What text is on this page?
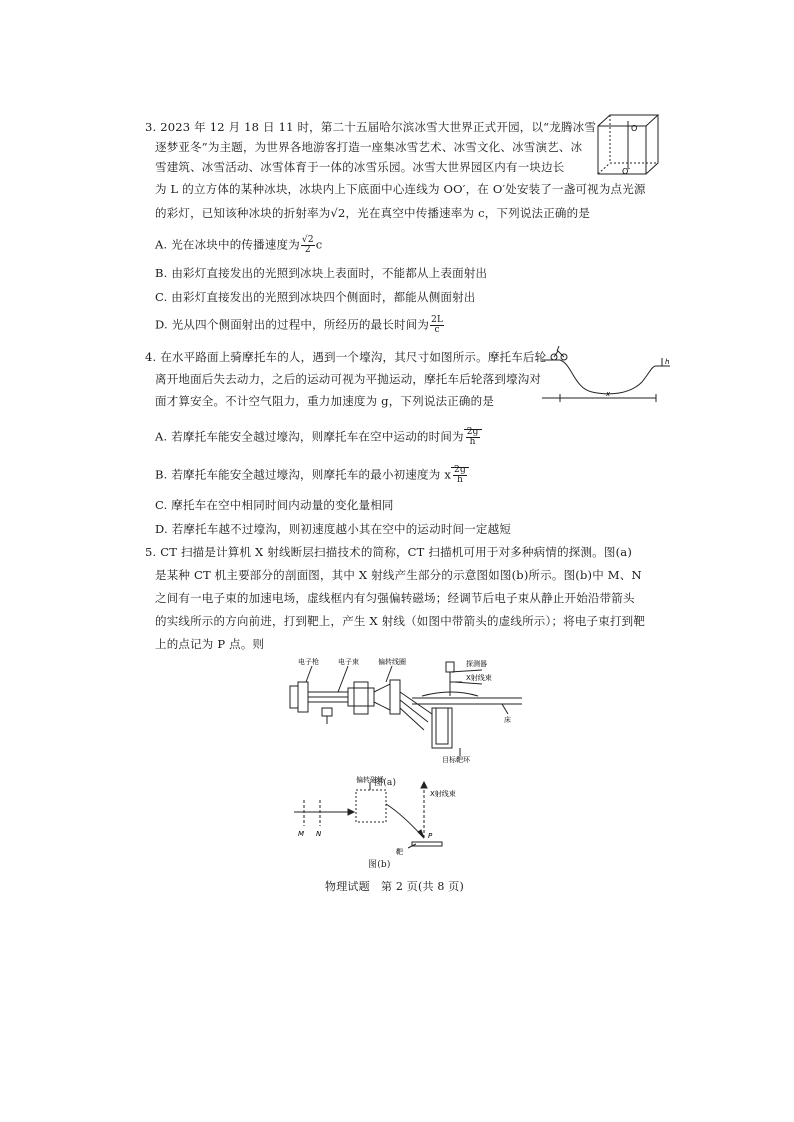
3. 2023 年 12 月 18 日 11 时，第二十五届哈尔滨冰雪大世界正式开园，以“龙腾冰雪
逐梦亚冬”为主题，为世界各地游客打造一座集冰雪艺术、冰雪文化、冰雪演艺、冰
雪建筑、冰雪活动、冰雪体育于一体的冰雪乐园。冰雪大世界园区内有一块边长
为 L 的立方体的某种冰块，冰块内上下底面中心连线为 OO′，在 O′处安装了一盏可视为点光源
的彩灯，已知该种冰块的折射率为√2，光在真空中传播速率为 c，下列说法正确的是
A. 光在冰块中的传播速度为 $\frac{√2}{2}$ c
B. 由彩灯直接发出的光照到冰块上表面时，不能都从上表面射出
C. 由彩灯直接发出的光照到冰块四个侧面时，都能从侧面射出
D. 光从四个侧面射出的过程中，所经历的最长时间为 $\frac{2L}{c}$
O
O′
4. 在水平路面上骑摩托车的人，遇到一个壕沟，其尺寸如图所示。摩托车后轮
离开地面后失去动力，之后的运动可视为平抛运动，摩托车后轮落到壕沟对
面才算安全。不计空气阻力，重力加速度为 g，下列说法正确的是
A. 若摩托车能安全越过壕沟，则摩托车在空中运动的时间为 $\frac{2g}{h}$
B. 若摩托车能安全越过壕沟，则摩托车的最小初速度为 x $\frac{2g}{h}$
C. 摩托车在空中相同时间内动量的变化量相同
D. 若摩托车越不过壕沟，则初速度越小其在空中的运动时间一定越短
h
x
5. CT 扫描是计算机 X 射线断层扫描技术的简称，CT 扫描机可用于对多种病情的探测。图(a)
是某种 CT 机主要部分的剖面图，其中 X 射线产生部分的示意图如图(b)所示。图(b)中 M、N
之间有一电子束的加速电场，虚线框内有匀强偏转磁场；经调节后电子束从静止开始沿带箭头
的实线所示的方向前进，打到靶上，产生 X 射线（如图中带箭头的虚线所示）；将电子束打到靶
上的点记为 P 点。则
电子枪	电子束	偏转线圈	探测器
X射线束
床
目标靶环
图(a)
偏转磁场
X射线束
M N	P
靶
图(b)
物理试题　第 2 页(共 8 页)
